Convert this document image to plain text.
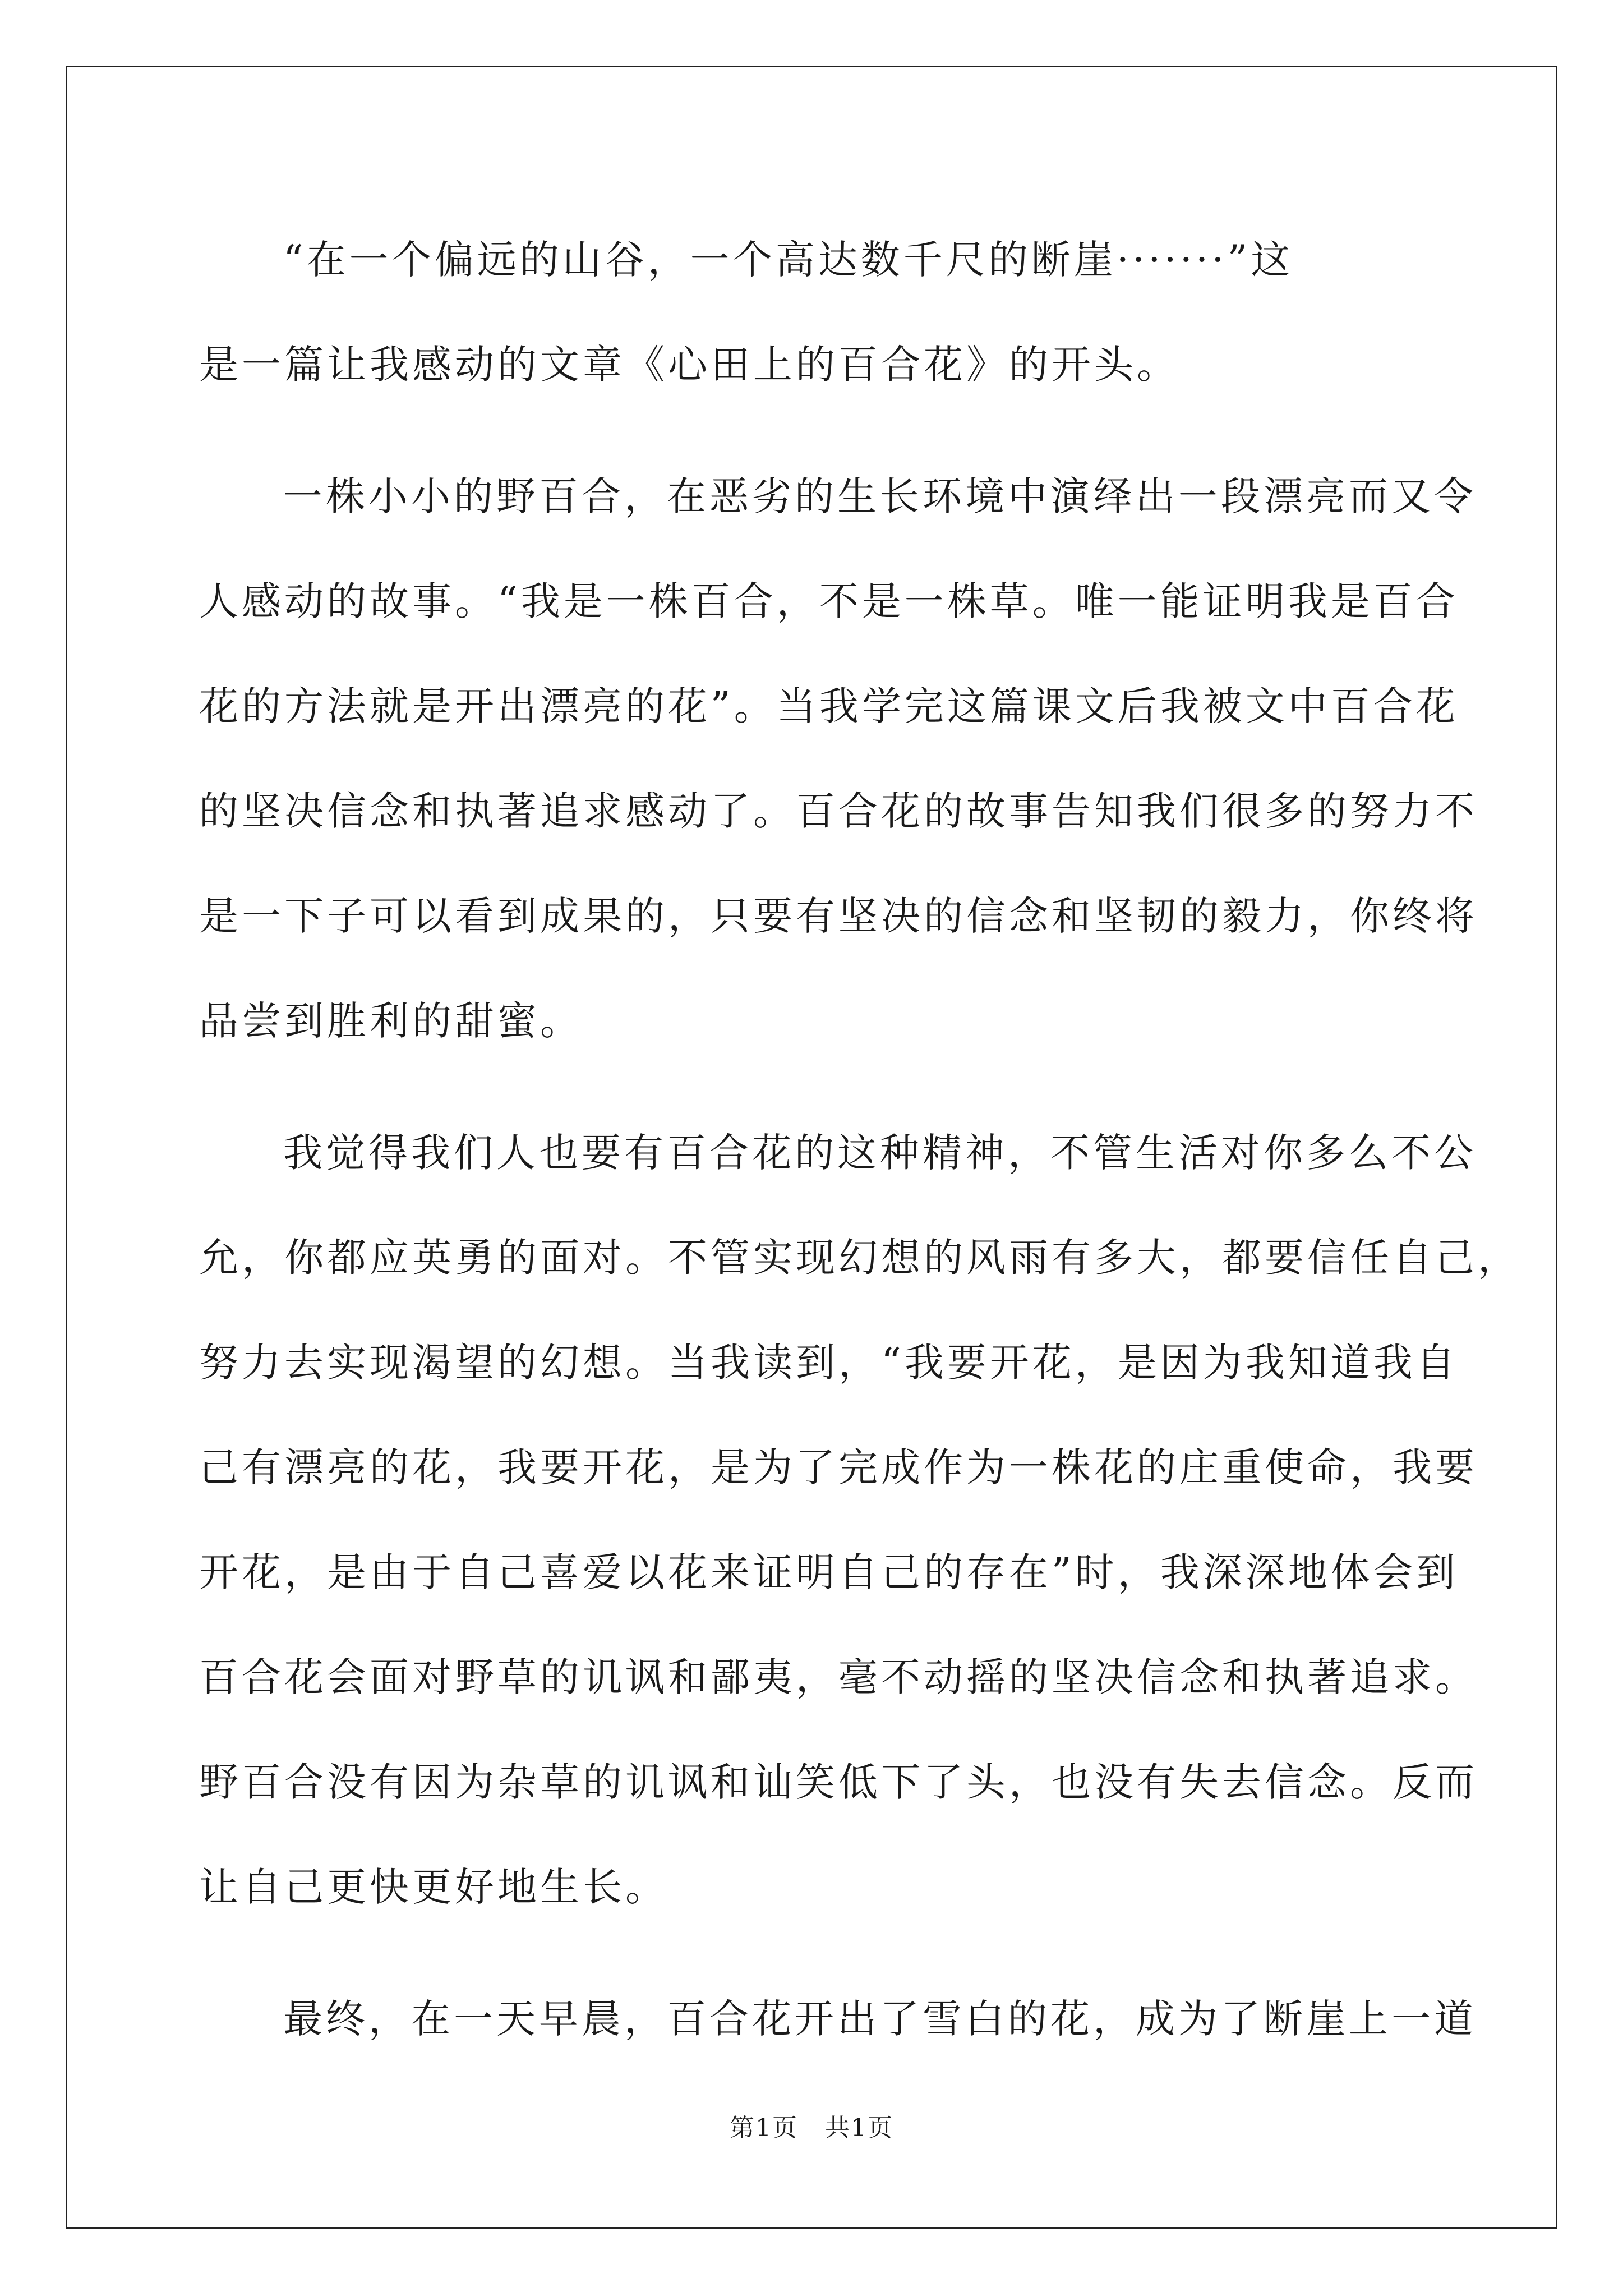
“在一个偏远的山谷，一个高达数千尺的断崖·······”这
是一篇让我感动的文章《心田上的百合花》的开头。

一株小小的野百合，在恶劣的生长环境中演绎出一段漂亮而又令
人感动的故事。“我是一株百合，不是一株草。唯一能证明我是百合
花的方法就是开出漂亮的花”。当我学完这篇课文后我被文中百合花
的坚决信念和执著追求感动了。百合花的故事告知我们很多的努力不
是一下子可以看到成果的，只要有坚决的信念和坚韧的毅力，你终将
品尝到胜利的甜蜜。

我觉得我们人也要有百合花的这种精神，不管生活对你多么不公
允，你都应英勇的面对。不管实现幻想的风雨有多大，都要信任自己，
努力去实现渴望的幻想。当我读到，“我要开花，是因为我知道我自
己有漂亮的花，我要开花，是为了完成作为一株花的庄重使命，我要
开花，是由于自己喜爱以花来证明自己的存在”时，我深深地体会到
百合花会面对野草的讥讽和鄙夷，毫不动摇的坚决信念和执著追求。
野百合没有因为杂草的讥讽和讪笑低下了头，也没有失去信念。反而
让自己更快更好地生长。

最终，在一天早晨，百合花开出了雪白的花，成为了断崖上一道

第1页 共1页
